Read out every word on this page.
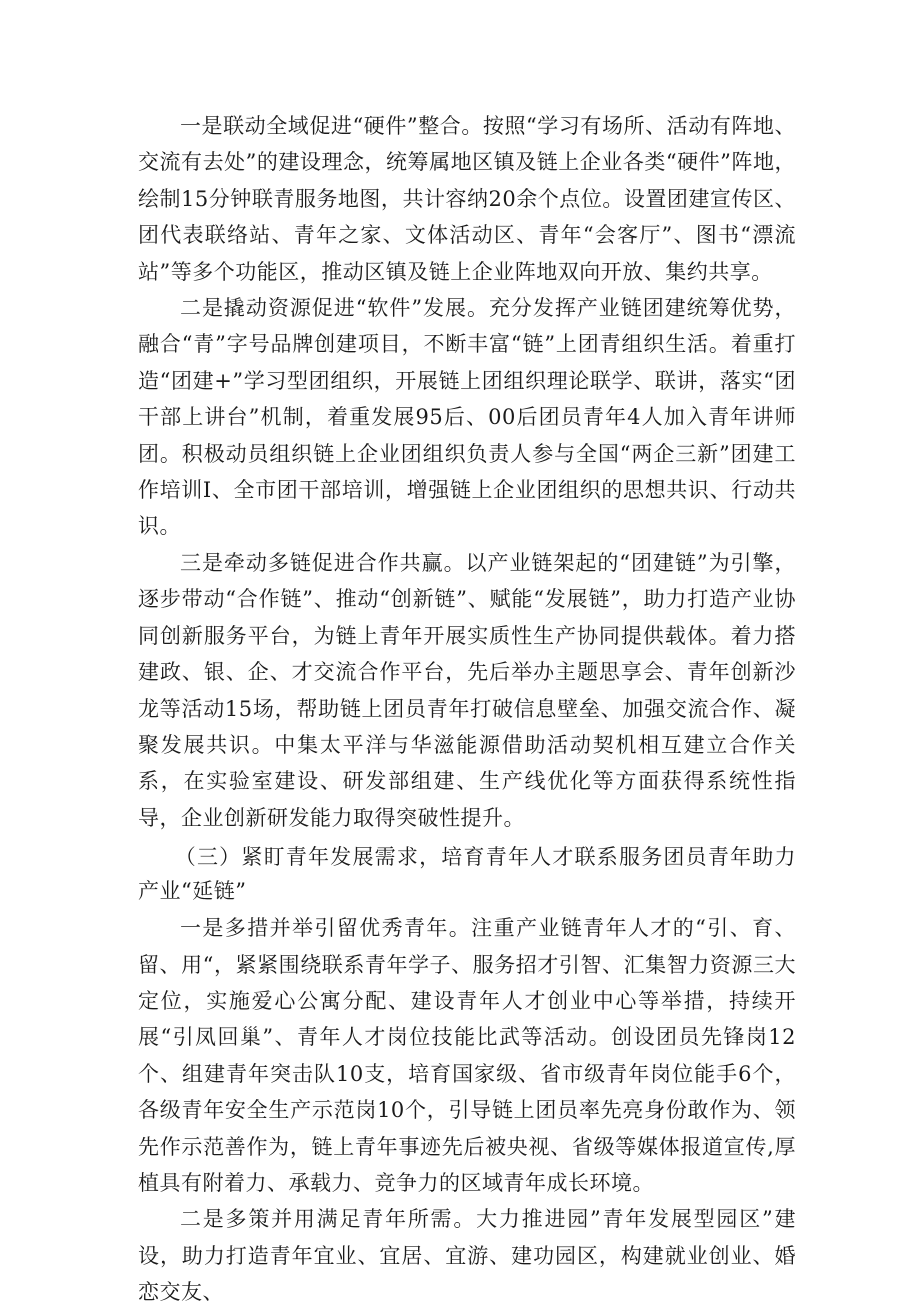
一是联动全域促进“硬件”整合。按照“学习有场所、活动有阵地、交流有去处”的建设理念，统筹属地区镇及链上企业各类“硬件”阵地，绘制15分钟联青服务地图，共计容纳20余个点位。设置团建宣传区、团代表联络站、青年之家、文体活动区、青年“会客厅”、图书“漂流站”等多个功能区，推动区镇及链上企业阵地双向开放、集约共享。

二是撬动资源促进“软件”发展。充分发挥产业链团建统筹优势，融合“青”字号品牌创建项目，不断丰富“链”上团青组织生活。着重打造“团建+”学习型团组织，开展链上团组织理论联学、联讲，落实“团干部上讲台”机制，着重发展95后、00后团员青年4人加入青年讲师团。积极动员组织链上企业团组织负责人参与全国“两企三新”团建工作培训I、全市团干部培训，增强链上企业团组织的思想共识、行动共识。

三是牵动多链促进合作共赢。以产业链架起的“团建链”为引擎，逐步带动“合作链”、推动“创新链”、赋能“发展链”，助力打造产业协同创新服务平台，为链上青年开展实质性生产协同提供载体。着力搭建政、银、企、才交流合作平台，先后举办主题思享会、青年创新沙龙等活动15场，帮助链上团员青年打破信息壁垒、加强交流合作、凝聚发展共识。中集太平洋与华滋能源借助活动契机相互建立合作关系，在实验室建设、研发部组建、生产线优化等方面获得系统性指导，企业创新研发能力取得突破性提升。

（三）紧盯青年发展需求，培育青年人才联系服务团员青年助力产业“延链”

一是多措并举引留优秀青年。注重产业链青年人才的“引、育、留、用“，紧紧围绕联系青年学子、服务招才引智、汇集智力资源三大定位，实施爱心公寓分配、建设青年人才创业中心等举措，持续开展“引凤回巢”、青年人才岗位技能比武等活动。创设团员先锋岗12个、组建青年突击队10支，培育国家级、省市级青年岗位能手6个，各级青年安全生产示范岗10个，引导链上团员率先亮身份敢作为、领先作示范善作为，链上青年事迹先后被央视、省级等媒体报道宣传,厚植具有附着力、承载力、竞争力的区域青年成长环境。

二是多策并用满足青年所需。大力推进园”青年发展型园区”建设，助力打造青年宜业、宜居、宜游、建功园区，构建就业创业、婚恋交友、
